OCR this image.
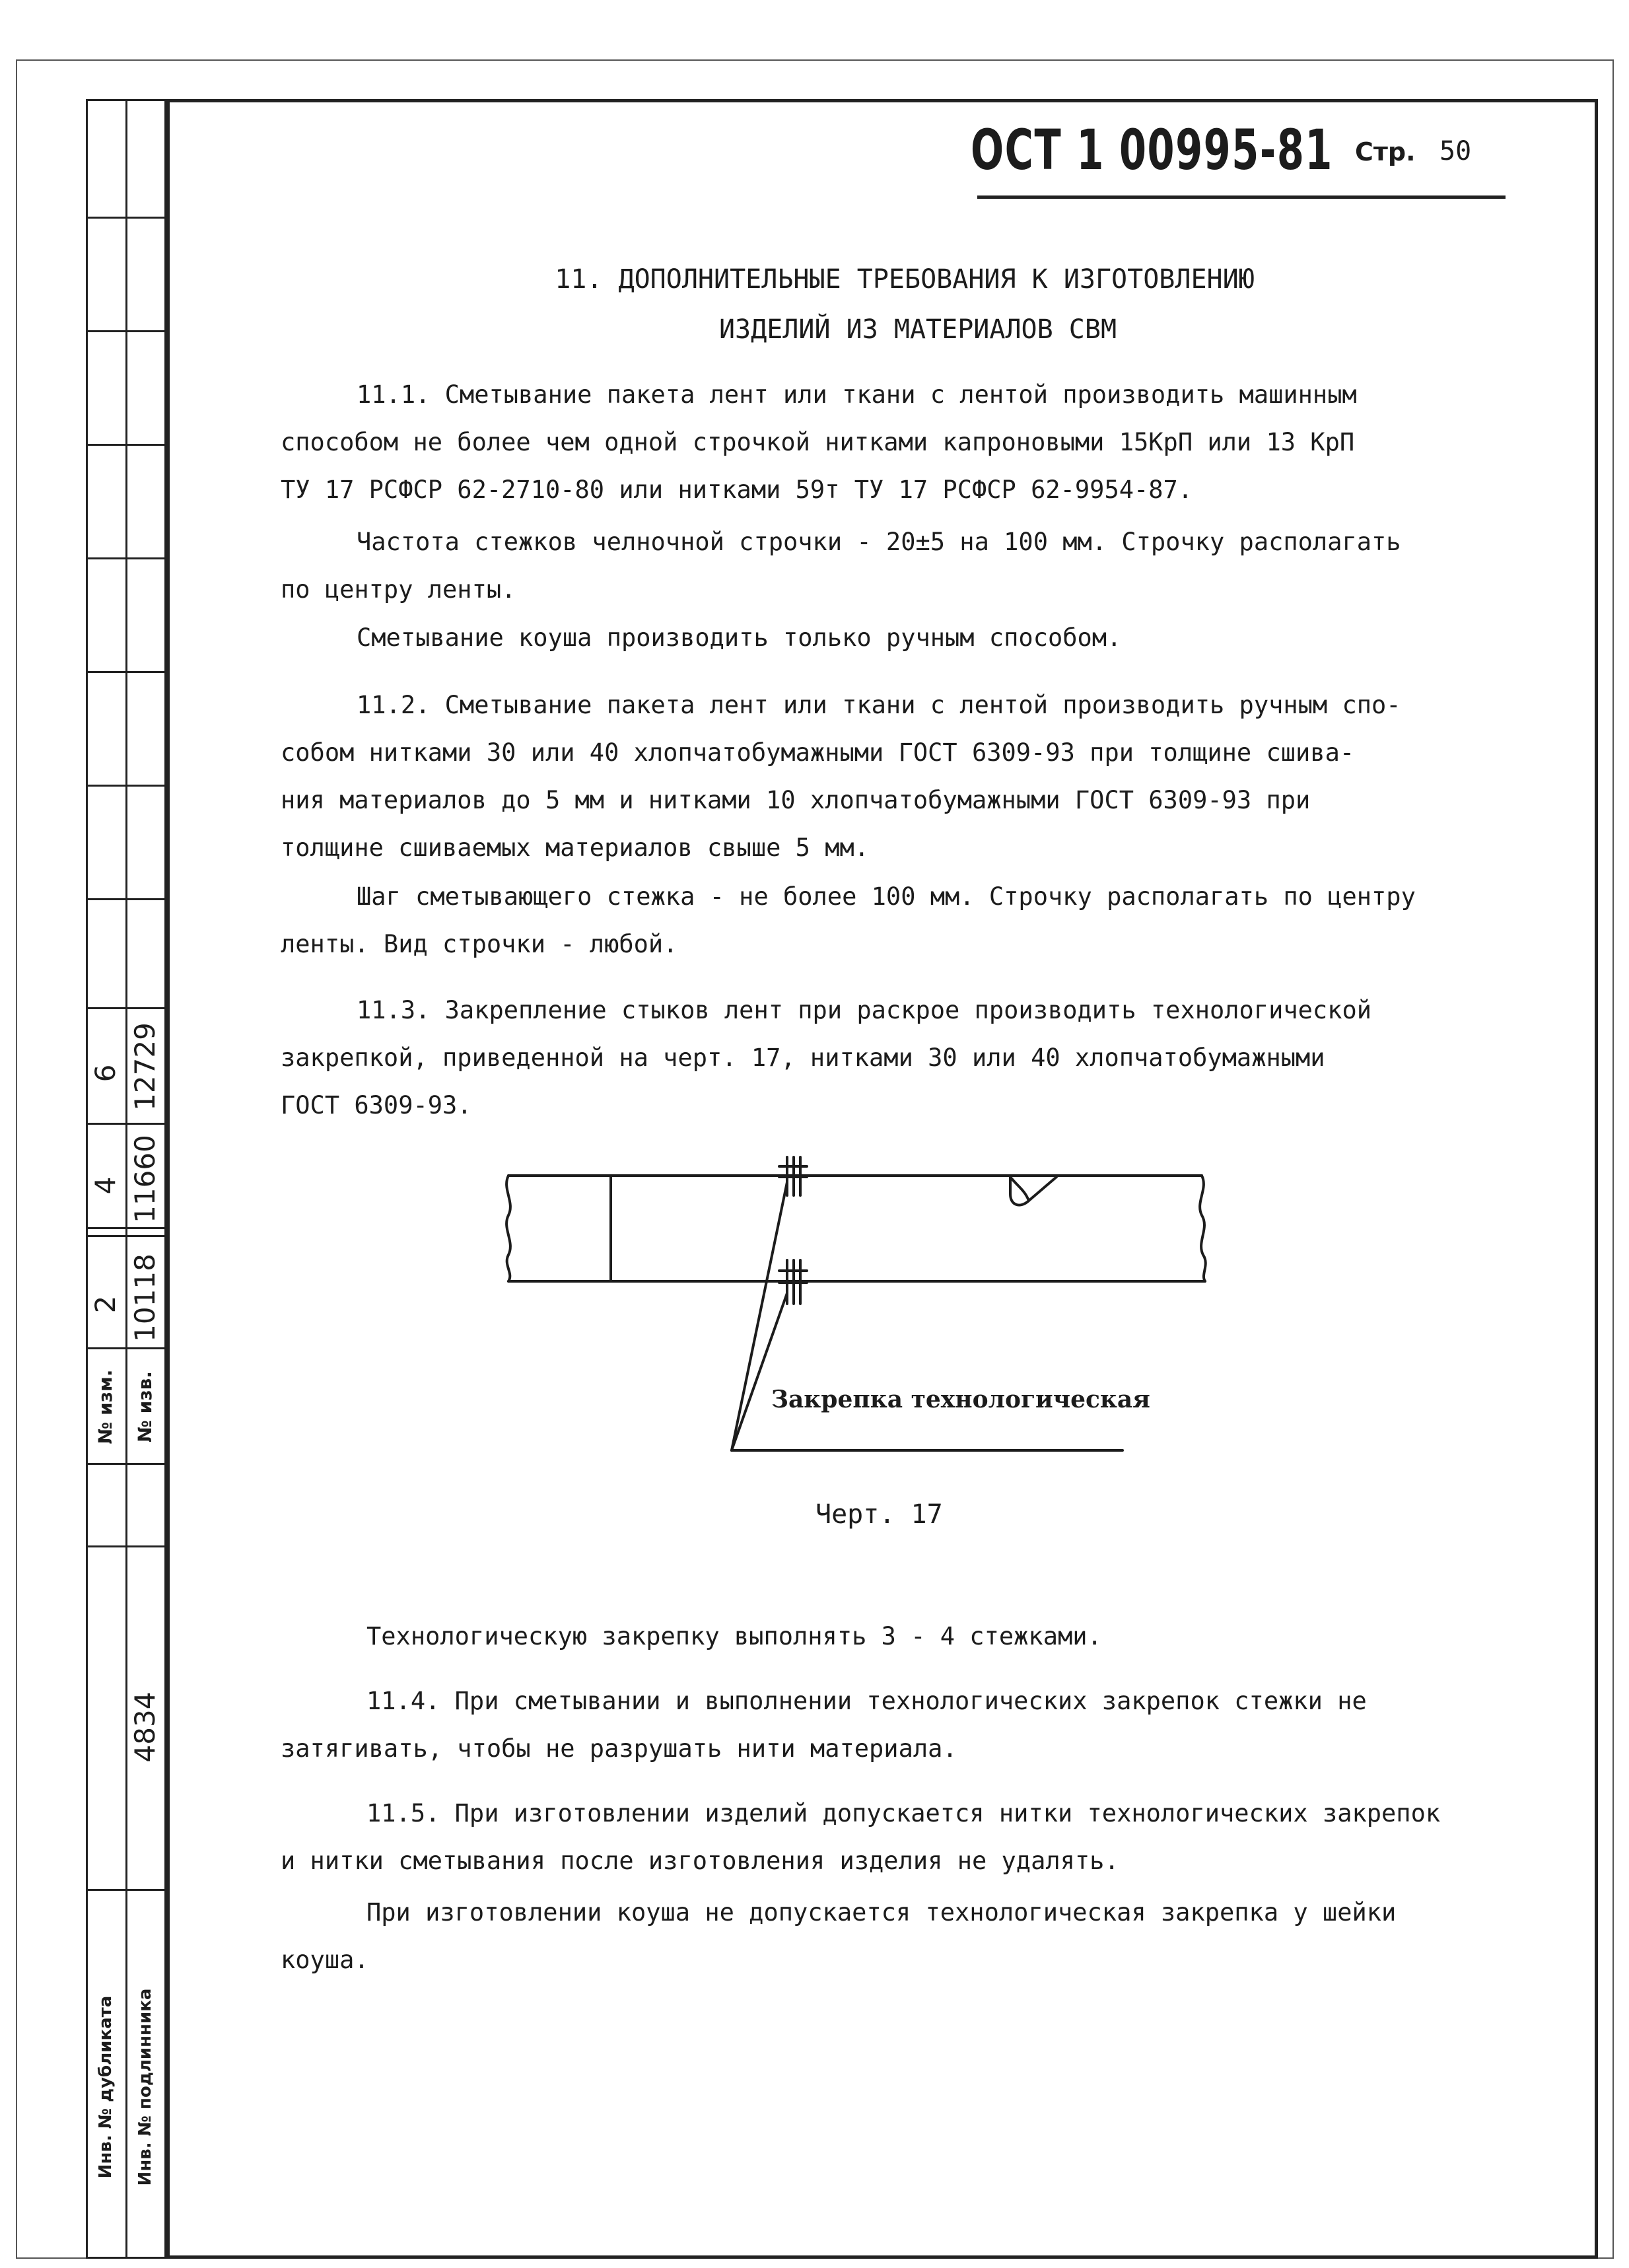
6 12729
4 11660
2 10118
№ изм. № изв.
4834
Инв. № дубликата Инв. № подлинника
ОСТ 1 00995-81 Стр. 50
11. ДОПОЛНИТЕЛЬНЫЕ ТРЕБОВАНИЯ К ИЗГОТОВЛЕНИЮ
ИЗДЕЛИЙ ИЗ МАТЕРИАЛОВ СВМ
11.1. Сметывание пакета лент или ткани с лентой производить машинным
способом не более чем одной строчкой нитками капроновыми 15КрП или 13 КрП
ТУ 17 РСФСР 62-2710-80 или нитками 59т ТУ 17 РСФСР 62-9954-87.
Частота стежков челночной строчки - 20±5 на 100 мм. Строчку располагать
по центру ленты.
Сметывание коуша производить только ручным способом.
11.2. Сметывание пакета лент или ткани с лентой производить ручным спо-
собом нитками 30 или 40 хлопчатобумажными ГОСТ 6309-93 при толщине сшива-
ния материалов до 5 мм и нитками 10 хлопчатобумажными ГОСТ 6309-93 при
толщине сшиваемых материалов свыше 5 мм.
Шаг сметывающего стежка - не более 100 мм. Строчку располагать по центру
ленты. Вид строчки - любой.
11.3. Закрепление стыков лент при раскрое производить технологической
закрепкой, приведенной на черт. 17, нитками 30 или 40 хлопчатобумажными
ГОСТ 6309-93.
Технологическую закрепку выполнять 3 - 4 стежками.
11.4. При сметывании и выполнении технологических закрепок стежки не
затягивать, чтобы не разрушать нити материала.
11.5. При изготовлении изделий допускается нитки технологических закрепок
и нитки сметывания после изготовления изделия не удалять.
При изготовлении коуша не допускается технологическая закрепка у шейки
коуша.
Закрепка технологическая
Черт. 17
